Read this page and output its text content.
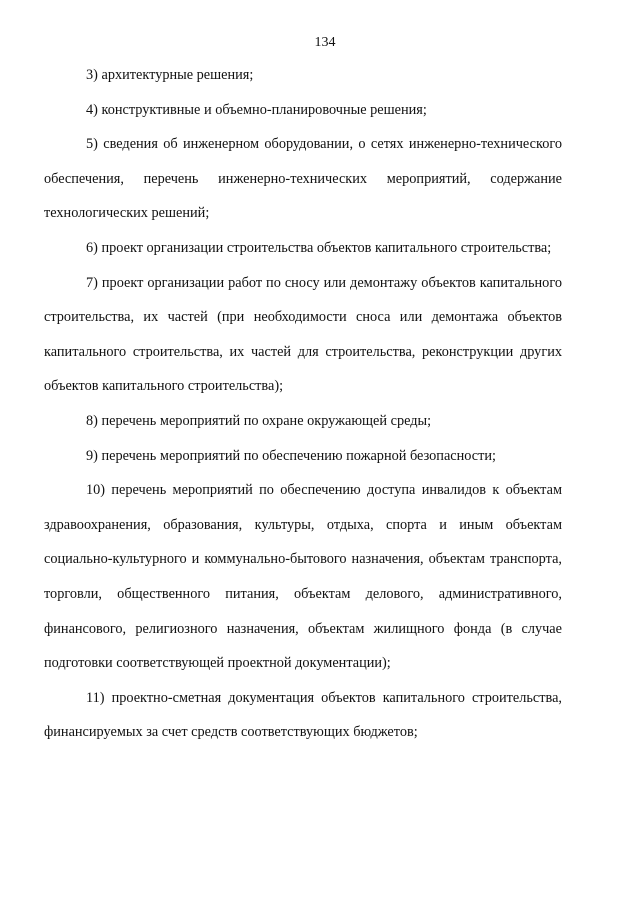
134

3) архитектурные решения;

4) конструктивные и объемно-планировочные решения;

5) сведения об инженерном оборудовании, о сетях инженерно-технического обеспечения, перечень инженерно-технических мероприятий, содержание технологических решений;

6) проект организации строительства объектов капитального строительства;

7) проект организации работ по сносу или демонтажу объектов капитального строительства, их частей (при необходимости сноса или демонтажа объектов капитального строительства, их частей для строительства, реконструкции других объектов капитального строительства);

8) перечень мероприятий по охране окружающей среды;

9) перечень мероприятий по обеспечению пожарной безопасности;

10) перечень мероприятий по обеспечению доступа инвалидов к объектам здравоохранения, образования, культуры, отдыха, спорта и иным объектам социально-культурного и коммунально-бытового назначения, объектам транспорта, торговли, общественного питания, объектам делового, административного, финансового, религиозного назначения, объектам жилищного фонда (в случае подготовки соответствующей проектной документации);

11) проектно-сметная документация объектов капитального строительства, финансируемых за счет средств соответствующих бюджетов;
